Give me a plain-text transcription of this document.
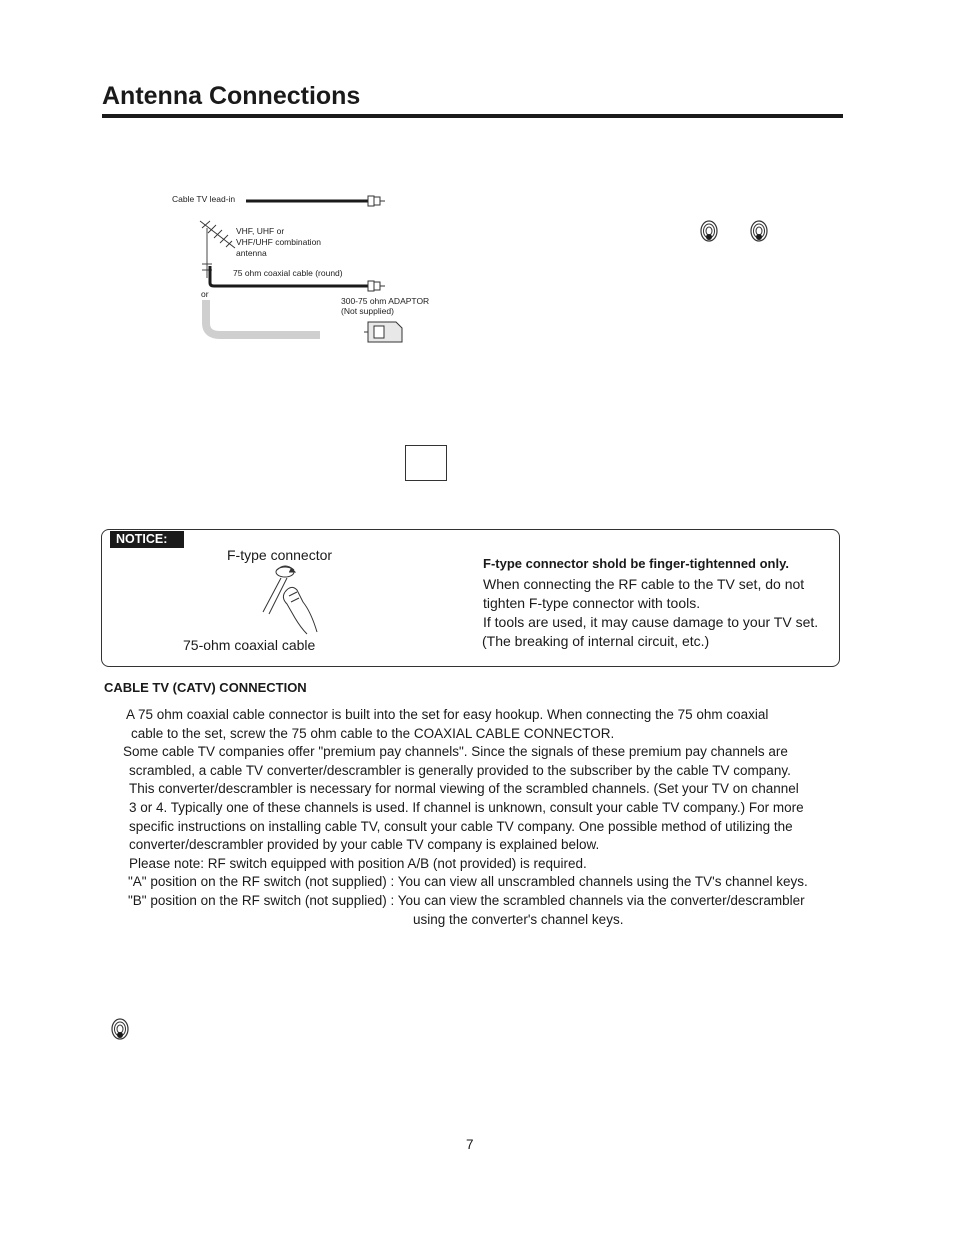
Antenna Connections
Cable TV lead-in
VHF, UHF or
VHF/UHF combination
antenna
75 ohm coaxial cable (round)
or
300-75 ohm ADAPTOR
(Not supplied)
NOTICE:
F-type connector
75-ohm coaxial cable
F-type connector shold be finger-tightenned only.
When connecting the RF cable to the TV set, do not
tighten F-type connector with tools.
If tools are used, it may cause damage to your TV set.
(The breaking of internal circuit, etc.)
CABLE TV (CATV) CONNECTION
A 75 ohm coaxial cable connector is built into the set for easy hookup. When connecting the 75 ohm coaxial
cable to the set, screw the 75 ohm cable to the COAXIAL CABLE CONNECTOR.
Some cable TV companies offer "premium pay channels". Since the signals of these premium pay channels are
scrambled, a cable TV converter/descrambler is generally provided to the subscriber by the cable TV company.
This converter/descrambler is necessary for normal viewing of the scrambled channels. (Set your TV on channel
3 or 4. Typically one of these channels is used. If channel is unknown, consult your cable TV company.) For more
specific instructions on installing cable TV, consult your cable TV company. One possible method of utilizing the
converter/descrambler provided by your cable TV company is explained below.
Please note: RF switch equipped with position A/B (not provided) is required.
"A" position on the RF switch (not supplied) : You can view all unscrambled channels using the TV's channel keys.
"B" position on the RF switch (not supplied) : You can view the scrambled channels via the converter/descrambler
using the converter's channel keys.
7
